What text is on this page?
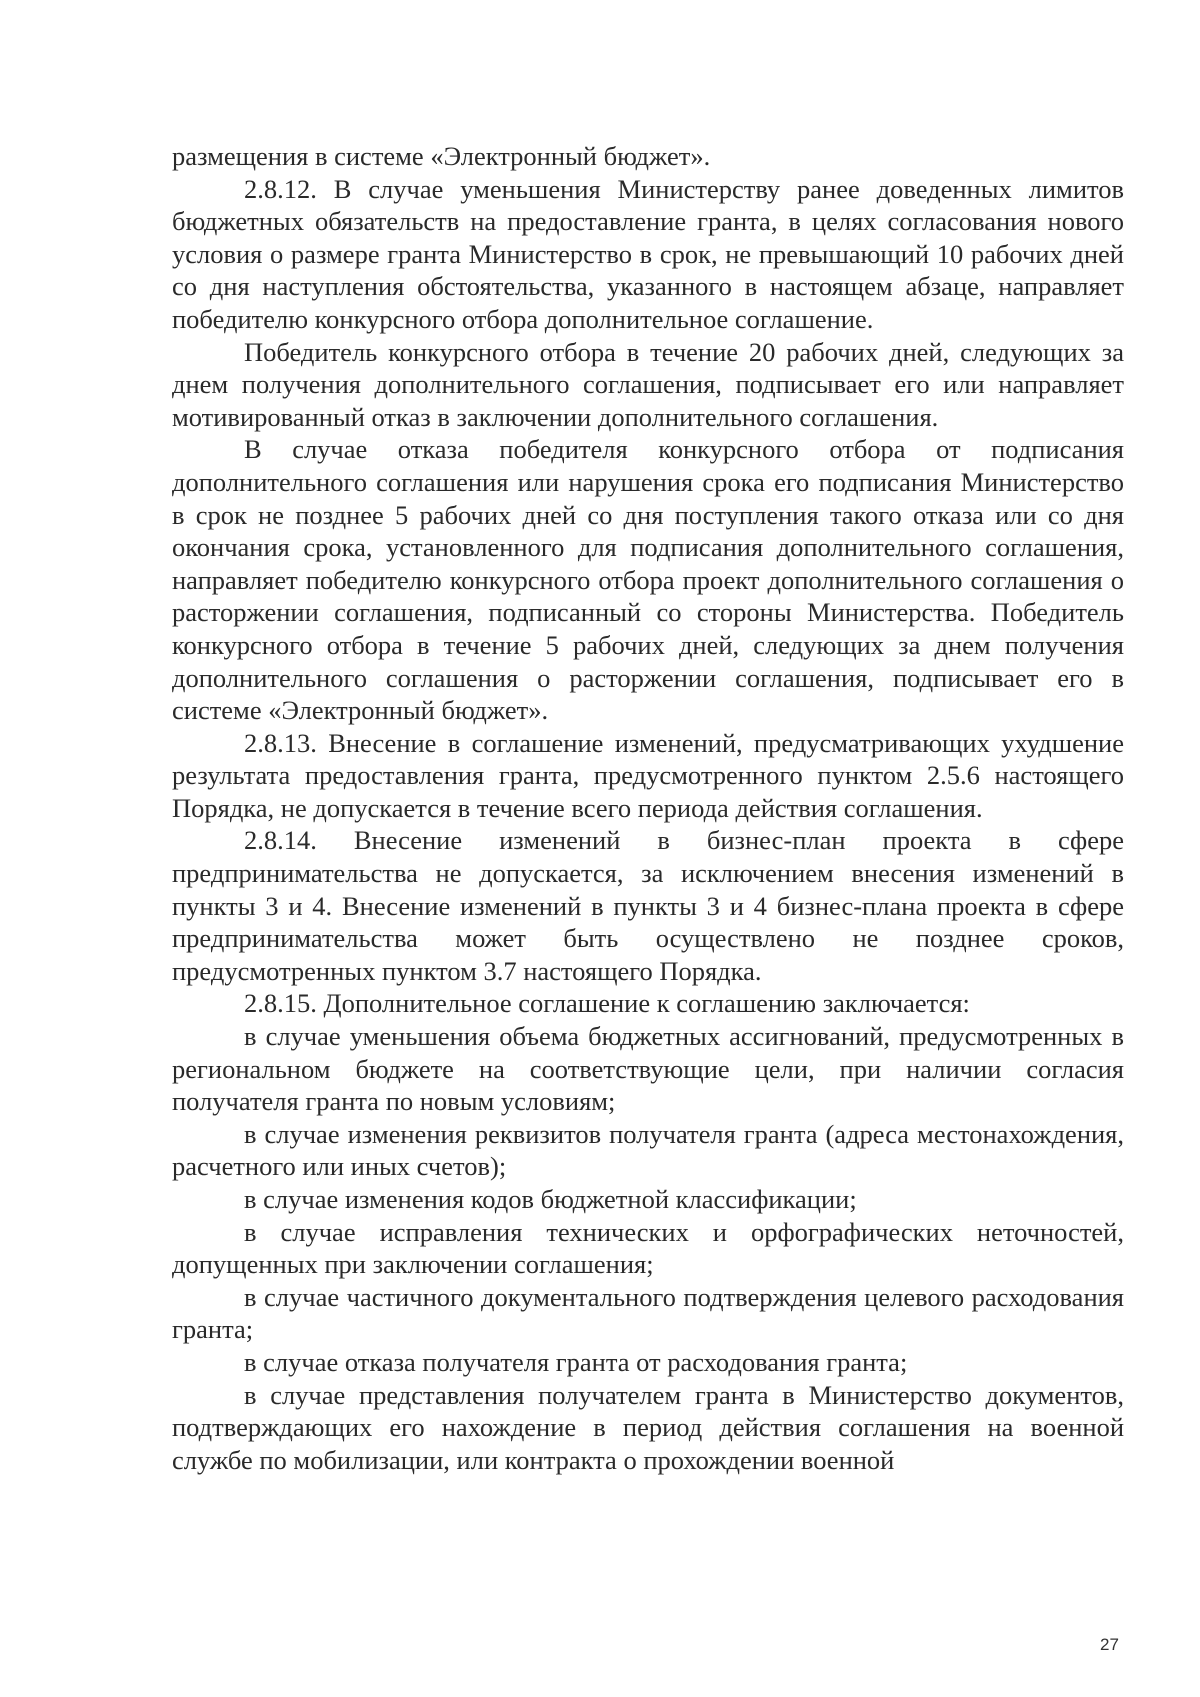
размещения в системе «Электронный бюджет».

2.8.12. В случае уменьшения Министерству ранее доведенных лимитов бюджетных обязательств на предоставление гранта, в целях согласования нового условия о размере гранта Министерство в срок, не превышающий 10 рабочих дней со дня наступления обстоятельства, указанного в настоящем абзаце, направляет победителю конкурсного отбора дополнительное соглашение.

Победитель конкурсного отбора в течение 20 рабочих дней, следующих за днем получения дополнительного соглашения, подписывает его или направляет мотивированный отказ в заключении дополнительного соглашения.

В случае отказа победителя конкурсного отбора от подписания дополнительного соглашения или нарушения срока его подписания Министерство в срок не позднее 5 рабочих дней со дня поступления такого отказа или со дня окончания срока, установленного для подписания дополнительного соглашения, направляет победителю конкурсного отбора проект дополнительного соглашения о расторжении соглашения, подписанный со стороны Министерства. Победитель конкурсного отбора в течение 5 рабочих дней, следующих за днем получения дополнительного соглашения о расторжении соглашения, подписывает его в системе «Электронный бюджет».

2.8.13. Внесение в соглашение изменений, предусматривающих ухудшение результата предоставления гранта, предусмотренного пунктом 2.5.6 настоящего Порядка, не допускается в течение всего периода действия соглашения.

2.8.14. Внесение изменений в бизнес-план проекта в сфере предпринимательства не допускается, за исключением внесения изменений в пункты 3 и 4. Внесение изменений в пункты 3 и 4 бизнес-плана проекта в сфере предпринимательства может быть осуществлено не позднее сроков, предусмотренных пунктом 3.7 настоящего Порядка.

2.8.15. Дополнительное соглашение к соглашению заключается:

в случае уменьшения объема бюджетных ассигнований, предусмотренных в региональном бюджете на соответствующие цели, при наличии согласия получателя гранта по новым условиям;

в случае изменения реквизитов получателя гранта (адреса местонахождения, расчетного или иных счетов);

в случае изменения кодов бюджетной классификации;

в случае исправления технических и орфографических неточностей, допущенных при заключении соглашения;

в случае частичного документального подтверждения целевого расходования гранта;

в случае отказа получателя гранта от расходования гранта;

в случае представления получателем гранта в Министерство документов, подтверждающих его нахождение в период действия соглашения на военной службе по мобилизации, или контракта о прохождении военной

27
